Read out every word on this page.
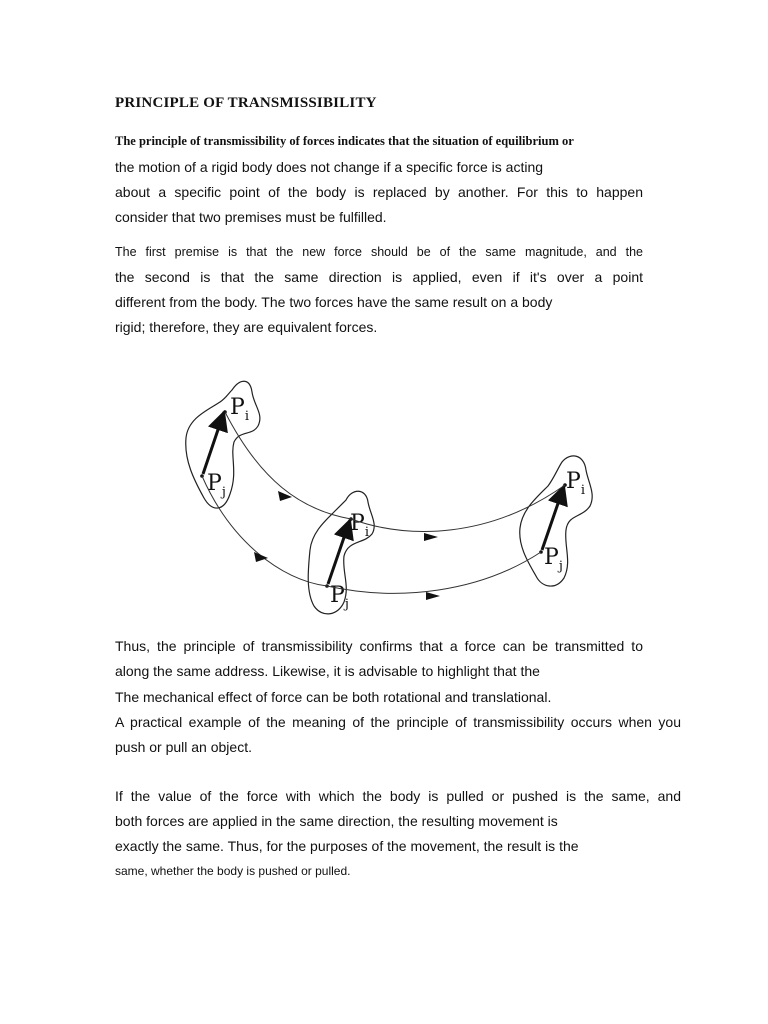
PRINCIPLE OF TRANSMISSIBILITY
The principle of transmissibility of forces indicates that the situation of equilibrium or
the motion of a rigid body does not change if a specific force is acting
about a specific point of the body is replaced by another. For this to happen
consider that two premises must be fulfilled.
The first premise is that the new force should be of the same magnitude, and the
the second is that the same direction is applied, even if it's over a point
different from the body. The two forces have the same result on a body
rigid; therefore, they are equivalent forces.
$P_i$
$P_j$
$P_i$
$P_j$
$P_i$
$P_j$
Thus, the principle of transmissibility confirms that a force can be transmitted to
along the same address. Likewise, it is advisable to highlight that the
The mechanical effect of force can be both rotational and translational.
A practical example of the meaning of the principle of transmissibility occurs when you
push or pull an object.
If the value of the force with which the body is pulled or pushed is the same, and
both forces are applied in the same direction, the resulting movement is
exactly the same. Thus, for the purposes of the movement, the result is the
same, whether the body is pushed or pulled.
